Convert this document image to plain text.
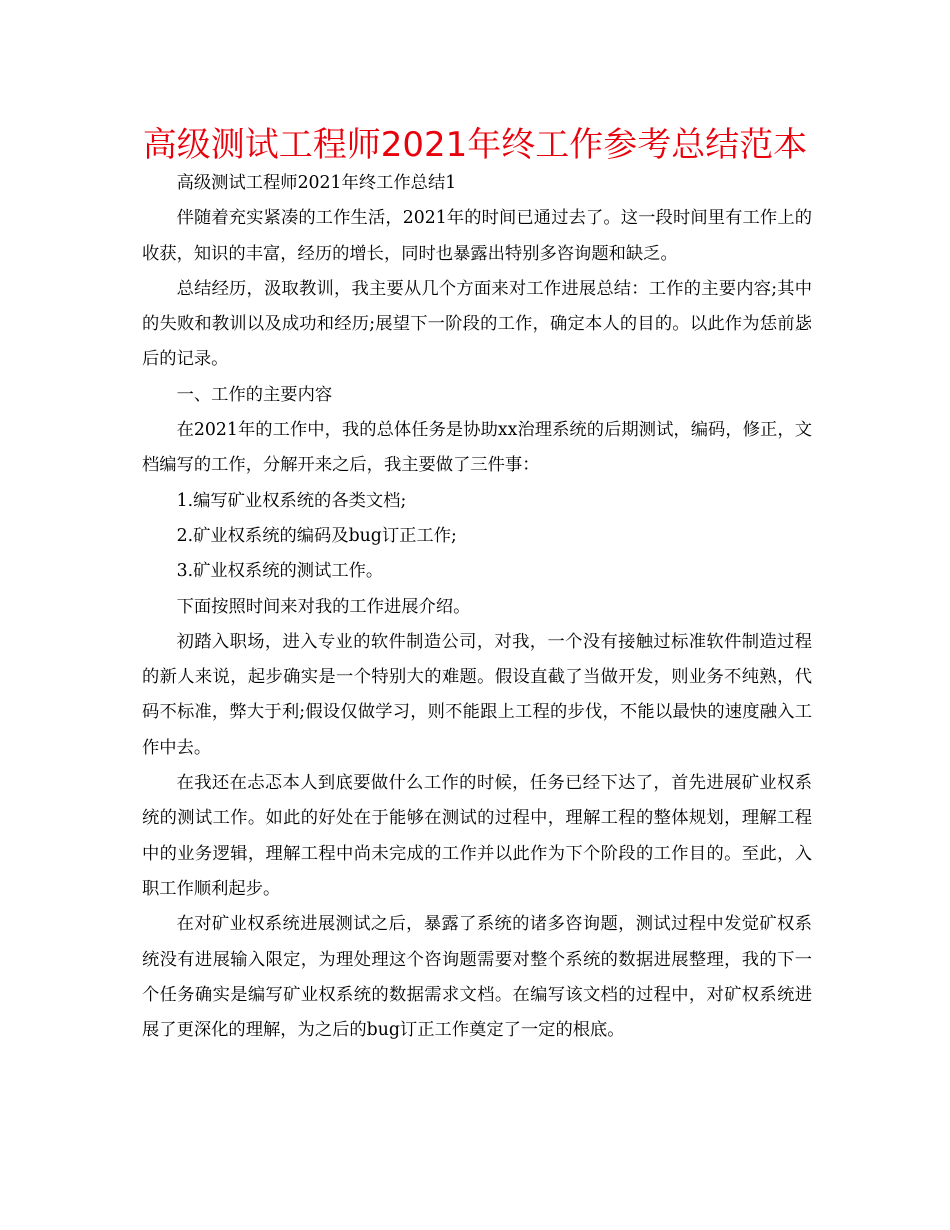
高级测试工程师2021年终工作参考总结范本

高级测试工程师2021年终工作总结1

伴随着充实紧凑的工作生活，2021年的时间已通过去了。这一段时间里有工作上的收获，知识的丰富，经历的增长，同时也暴露出特别多咨询题和缺乏。

总结经历，汲取教训，我主要从几个方面来对工作进展总结：工作的主要内容;其中的失败和教训以及成功和经历;展望下一阶段的工作，确定本人的目的。以此作为恁前毖后的记录。

一、工作的主要内容

在2021年的工作中，我的总体任务是协助xx治理系统的后期测试，编码，修正，文档编写的工作，分解开来之后，我主要做了三件事：

1.编写矿业权系统的各类文档;

2.矿业权系统的编码及bug订正工作;

3.矿业权系统的测试工作。

下面按照时间来对我的工作进展介绍。

初踏入职场，进入专业的软件制造公司，对我，一个没有接触过标准软件制造过程的新人来说，起步确实是一个特别大的难题。假设直截了当做开发，则业务不纯熟，代码不标准，弊大于利;假设仅做学习，则不能跟上工程的步伐，不能以最快的速度融入工作中去。

在我还在忐忑本人到底要做什么工作的时候，任务已经下达了，首先进展矿业权系统的测试工作。如此的好处在于能够在测试的过程中，理解工程的整体规划，理解工程中的业务逻辑，理解工程中尚未完成的工作并以此作为下个阶段的工作目的。至此，入职工作顺利起步。

在对矿业权系统进展测试之后，暴露了系统的诸多咨询题，测试过程中发觉矿权系统没有进展输入限定，为理处理这个咨询题需要对整个系统的数据进展整理，我的下一个任务确实是编写矿业权系统的数据需求文档。在编写该文档的过程中，对矿权系统进展了更深化的理解，为之后的bug订正工作奠定了一定的根底。
